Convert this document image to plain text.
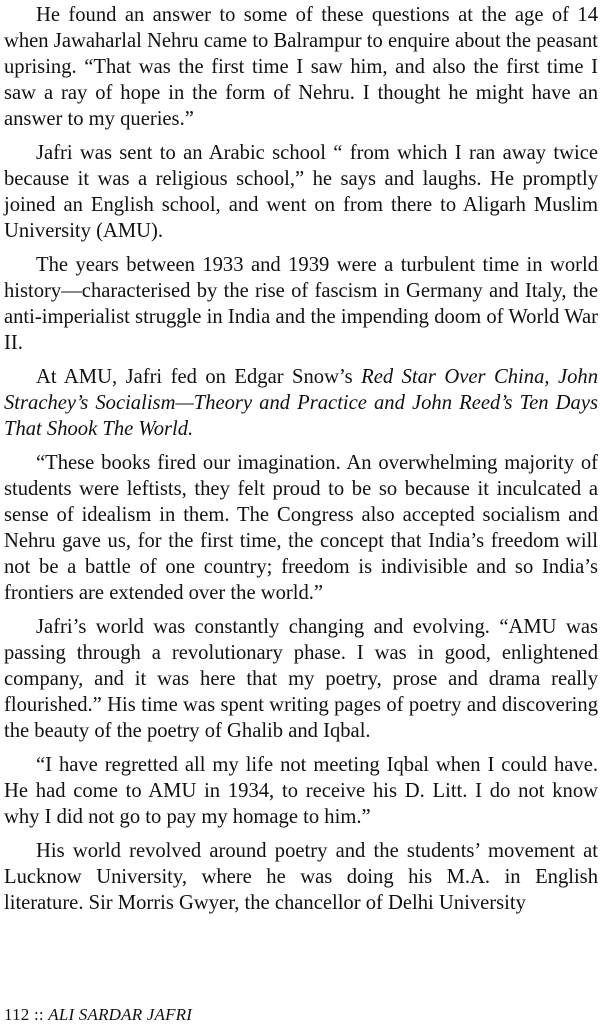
He found an answer to some of these questions at the age of 14 when Jawaharlal Nehru came to Balrampur to enquire about the peasant uprising. “That was the first time I saw him, and also the first time I saw a ray of hope in the form of Nehru. I thought he might have an answer to my queries.”

Jafri was sent to an Arabic school “ from which I ran away twice because it was a religious school,” he says and laughs. He promptly joined an English school, and went on from there to Aligarh Muslim University (AMU).

The years between 1933 and 1939 were a turbulent time in world history—characterised by the rise of fascism in Germany and Italy, the anti-imperialist struggle in India and the impending doom of World War II.

At AMU, Jafri fed on Edgar Snow’s Red Star Over China, John Strachey’s Socialism—Theory and Practice and John Reed’s Ten Days That Shook The World.

“These books fired our imagination. An overwhelming majority of students were leftists, they felt proud to be so because it inculcated a sense of idealism in them. The Congress also accepted socialism and Nehru gave us, for the first time, the concept that India’s freedom will not be a battle of one country; freedom is indivisible and so India’s frontiers are extended over the world.”

Jafri’s world was constantly changing and evolving. “AMU was passing through a revolutionary phase. I was in good, enlightened company, and it was here that my poetry, prose and drama really flourished.” His time was spent writing pages of poetry and discovering the beauty of the poetry of Ghalib and Iqbal.

“I have regretted all my life not meeting Iqbal when I could have. He had come to AMU in 1934, to receive his D. Litt. I do not know why I did not go to pay my homage to him.”

His world revolved around poetry and the students’ movement at Lucknow University, where he was doing his M.A. in English literature. Sir Morris Gwyer, the chancellor of Delhi University

112 :: ALI SARDAR JAFRI
